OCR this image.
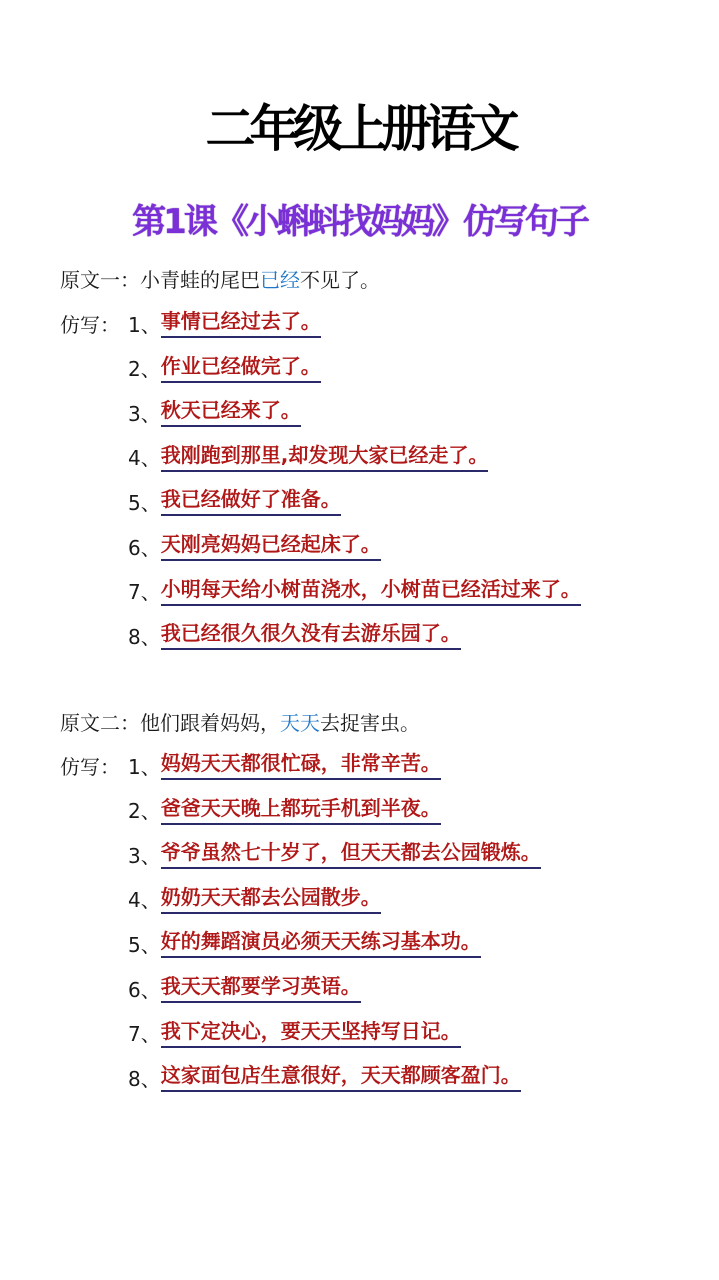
二年级上册语文
第1课《小蝌蚪找妈妈》仿写句子
原文一： 小青蛙的尾巴 已经 不见了。
仿写： 1、 事情已经过去了。
2、 作业已经做完了。
3、 秋天已经来了。
4、 我刚跑到那里,却发现大家已经走了。
5、 我已经做好了准备。
6、 天刚亮妈妈已经起床了。
7、 小明每天给小树苗浇水，小树苗已经活过来了。
8、 我已经很久很久没有去游乐园了。
原文二： 他们跟着妈妈， 天天 去捉害虫。
仿写： 1、 妈妈天天都很忙碌，非常辛苦。
2、 爸爸天天晚上都玩手机到半夜。
3、 爷爷虽然七十岁了，但天天都去公园锻炼。
4、 奶奶天天都去公园散步。
5、 好的舞蹈演员必须天天练习基本功。
6、 我天天都要学习英语。
7、 我下定决心，要天天坚持写日记。
8、 这家面包店生意很好，天天都顾客盈门。
